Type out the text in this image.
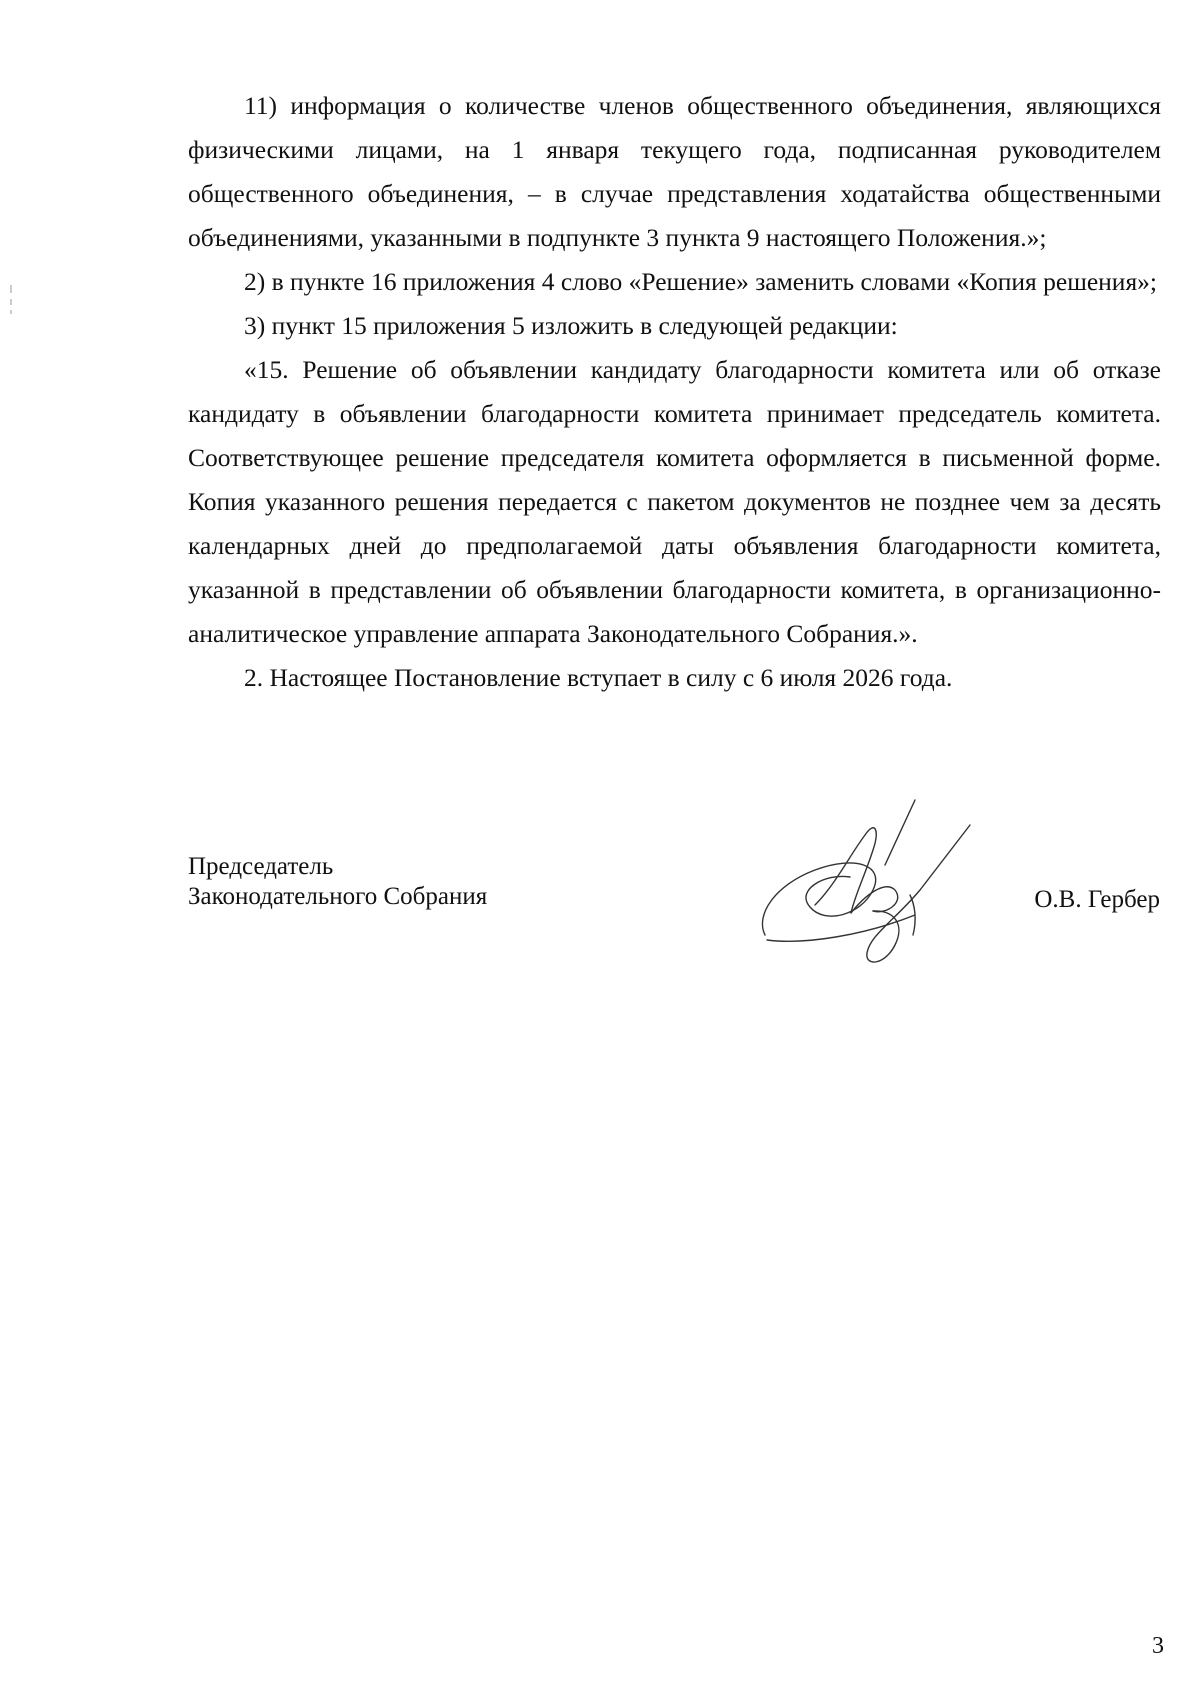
11) информация о количестве членов общественного объединения, являющихся физическими лицами, на 1 января текущего года, подписанная руководителем общественного объединения, – в случае представления ходатайства общественными объединениями, указанными в подпункте 3 пункта 9 настоящего Положения.»;

2) в пункте 16 приложения 4 слово «Решение» заменить словами «Копия решения»;

3) пункт 15 приложения 5 изложить в следующей редакции:

«15. Решение об объявлении кандидату благодарности комитета или об отказе кандидату в объявлении благодарности комитета принимает председатель комитета. Соответствующее решение председателя комитета оформляется в письменной форме. Копия указанного решения передается с пакетом документов не позднее чем за десять календарных дней до предполагаемой даты объявления благодарности комитета, указанной в представлении об объявлении благодарности комитета, в организационно-аналитическое управление аппарата Законодательного Собрания.».

2. Настоящее Постановление вступает в силу с 6 июля 2026 года.

Председатель
Законодательного Собрания	О.В. Гербер
3
